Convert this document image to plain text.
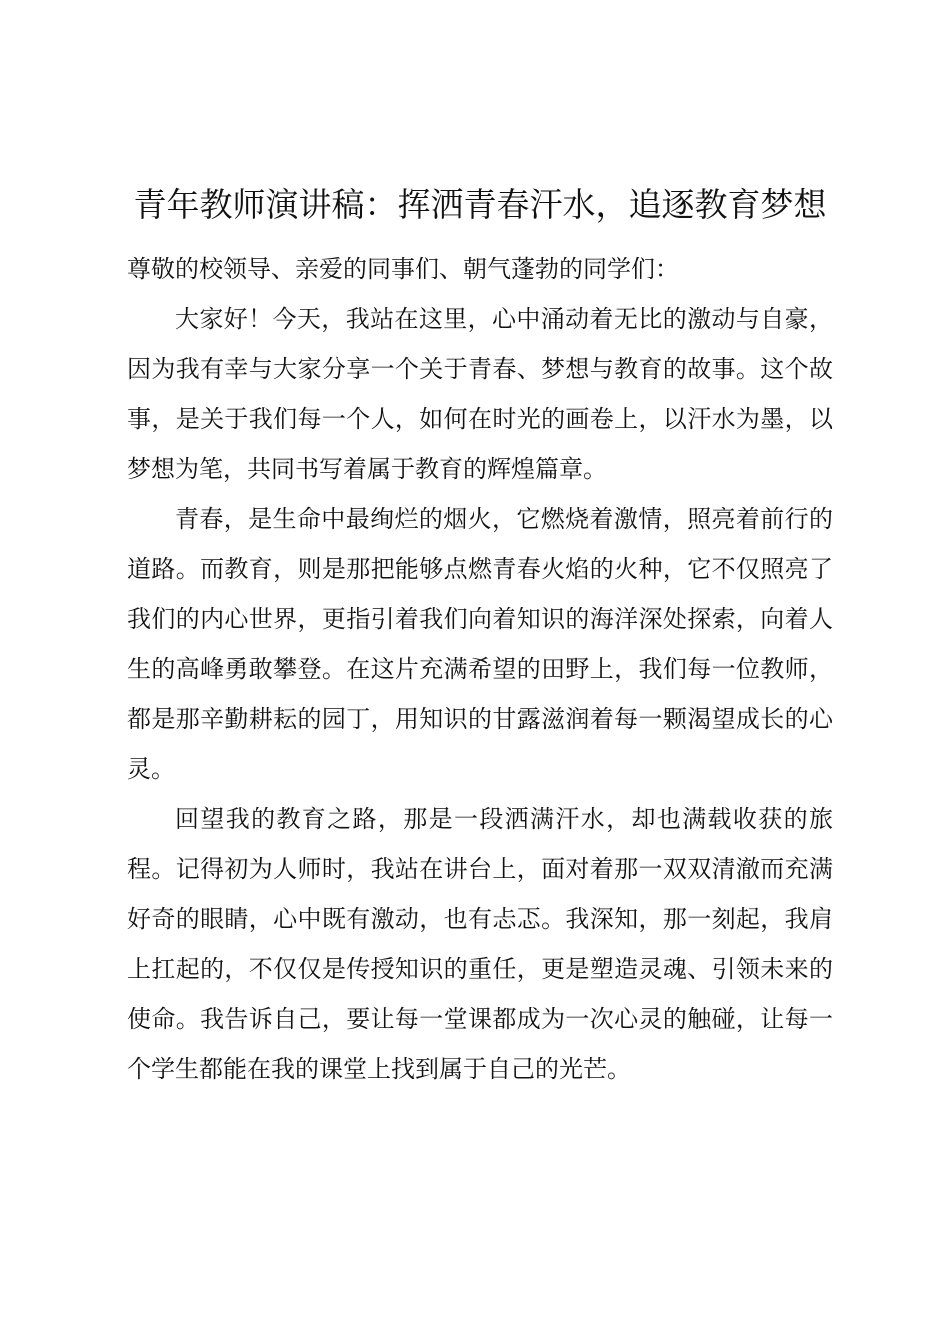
青年教师演讲稿：挥洒青春汗水，追逐教育梦想

尊敬的校领导、亲爱的同事们、朝气蓬勃的同学们：

大家好！今天，我站在这里，心中涌动着无比的激动与自豪，因为我有幸与大家分享一个关于青春、梦想与教育的故事。这个故事，是关于我们每一个人，如何在时光的画卷上，以汗水为墨，以梦想为笔，共同书写着属于教育的辉煌篇章。

青春，是生命中最绚烂的烟火，它燃烧着激情，照亮着前行的道路。而教育，则是那把能够点燃青春火焰的火种，它不仅照亮了我们的内心世界，更指引着我们向着知识的海洋深处探索，向着人生的高峰勇敢攀登。在这片充满希望的田野上，我们每一位教师，都是那辛勤耕耘的园丁，用知识的甘露滋润着每一颗渴望成长的心灵。

回望我的教育之路，那是一段洒满汗水，却也满载收获的旅程。记得初为人师时，我站在讲台上，面对着那一双双清澈而充满好奇的眼睛，心中既有激动，也有忐忑。我深知，那一刻起，我肩上扛起的，不仅仅是传授知识的重任，更是塑造灵魂、引领未来的使命。我告诉自己，要让每一堂课都成为一次心灵的触碰，让每一个学生都能在我的课堂上找到属于自己的光芒。
